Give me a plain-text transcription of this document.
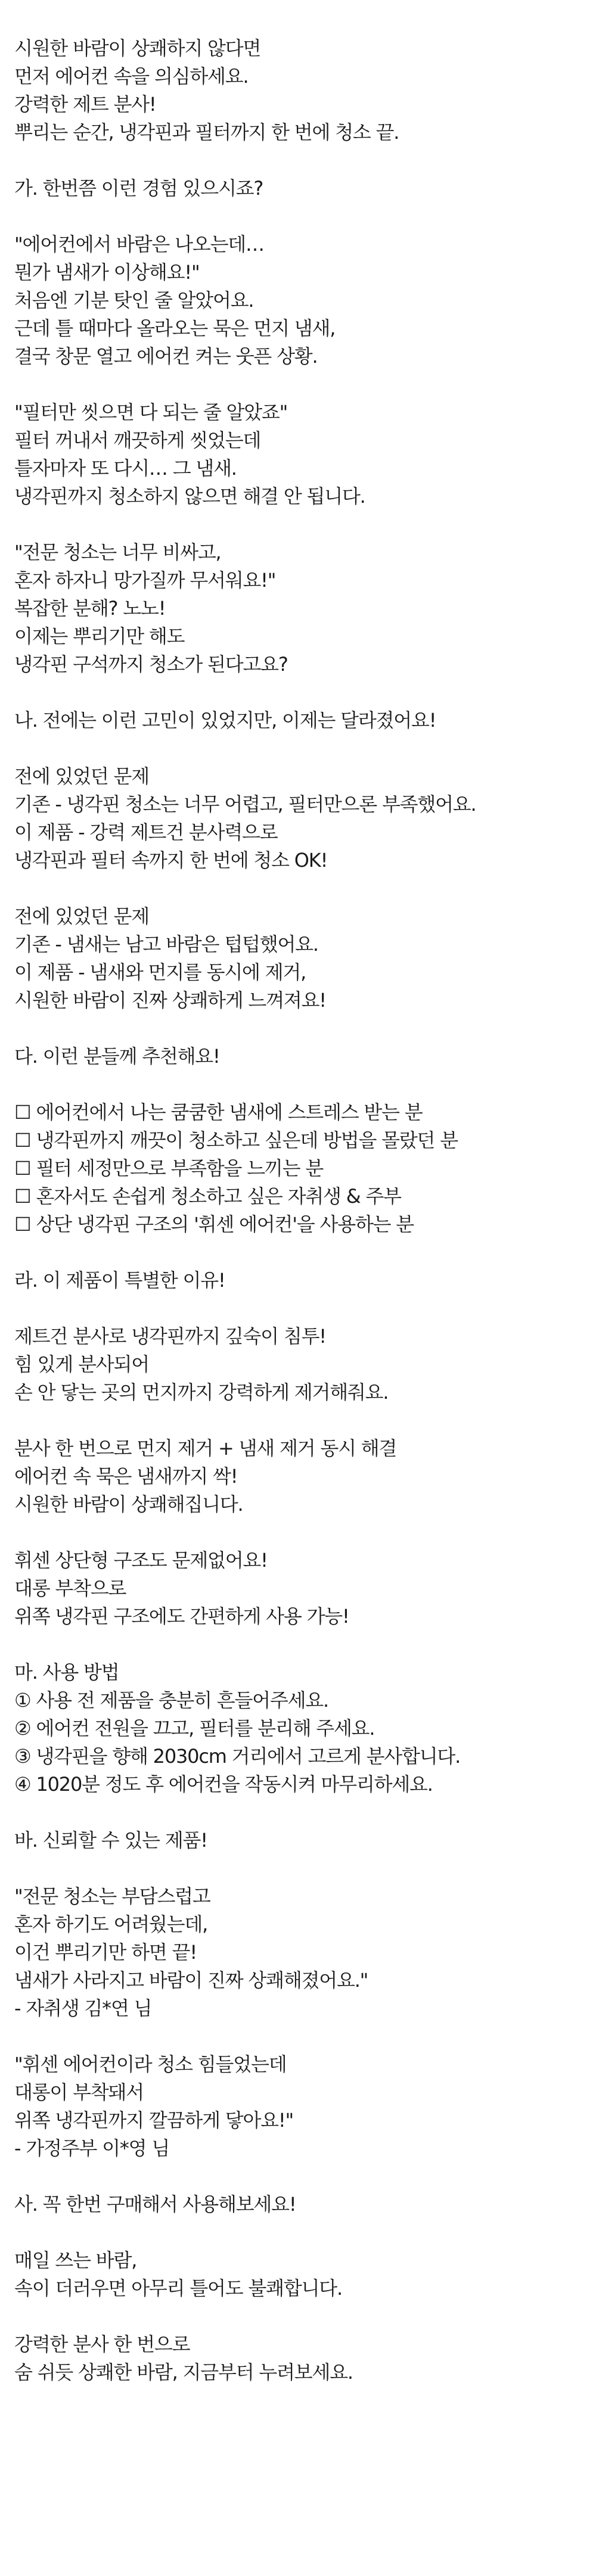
시원한 바람이 상쾌하지 않다면
먼저 에어컨 속을 의심하세요.
강력한 제트 분사!
뿌리는 순간, 냉각핀과 필터까지 한 번에 청소 끝.
가. 한번쯤 이런 경험 있으시죠?
"에어컨에서 바람은 나오는데…
뭔가 냄새가 이상해요!"
처음엔 기분 탓인 줄 알았어요.
근데 틀 때마다 올라오는 묵은 먼지 냄새,
결국 창문 열고 에어컨 켜는 웃픈 상황.
"필터만 씻으면 다 되는 줄 알았죠"
필터 꺼내서 깨끗하게 씻었는데
틀자마자 또 다시… 그 냄새.
냉각핀까지 청소하지 않으면 해결 안 됩니다.
"전문 청소는 너무 비싸고,
혼자 하자니 망가질까 무서워요!"
복잡한 분해? 노노!
이제는 뿌리기만 해도
냉각핀 구석까지 청소가 된다고요?
나. 전에는 이런 고민이 있었지만, 이제는 달라졌어요!
전에 있었던 문제
기존 - 냉각핀 청소는 너무 어렵고, 필터만으론 부족했어요.
이 제품 - 강력 제트건 분사력으로
냉각핀과 필터 속까지 한 번에 청소 OK!
전에 있었던 문제
기존 - 냄새는 남고 바람은 텁텁했어요.
이 제품 - 냄새와 먼지를 동시에 제거,
시원한 바람이 진짜 상쾌하게 느껴져요!
다. 이런 분들께 추천해요!
☐ 에어컨에서 나는 쿰쿰한 냄새에 스트레스 받는 분
☐ 냉각핀까지 깨끗이 청소하고 싶은데 방법을 몰랐던 분
☐ 필터 세정만으로 부족함을 느끼는 분
☐ 혼자서도 손쉽게 청소하고 싶은 자취생 & 주부
☐ 상단 냉각핀 구조의 '휘센 에어컨'을 사용하는 분
라. 이 제품이 특별한 이유!
제트건 분사로 냉각핀까지 깊숙이 침투!
힘 있게 분사되어
손 안 닿는 곳의 먼지까지 강력하게 제거해줘요.
분사 한 번으로 먼지 제거 + 냄새 제거 동시 해결
에어컨 속 묵은 냄새까지 싹!
시원한 바람이 상쾌해집니다.
휘센 상단형 구조도 문제없어요!
대롱 부착으로
위쪽 냉각핀 구조에도 간편하게 사용 가능!
마. 사용 방법
① 사용 전 제품을 충분히 흔들어주세요.
② 에어컨 전원을 끄고, 필터를 분리해 주세요.
③ 냉각핀을 향해 2030cm 거리에서 고르게 분사합니다.
④ 1020분 정도 후 에어컨을 작동시켜 마무리하세요.
바. 신뢰할 수 있는 제품!
"전문 청소는 부담스럽고
혼자 하기도 어려웠는데,
이건 뿌리기만 하면 끝!
냄새가 사라지고 바람이 진짜 상쾌해졌어요."
- 자취생 김*연 님
"휘센 에어컨이라 청소 힘들었는데
대롱이 부착돼서
위쪽 냉각핀까지 깔끔하게 닿아요!"
- 가정주부 이*영 님
사. 꼭 한번 구매해서 사용해보세요!
매일 쓰는 바람,
속이 더러우면 아무리 틀어도 불쾌합니다.
강력한 분사 한 번으로
숨 쉬듯 상쾌한 바람, 지금부터 누려보세요.
